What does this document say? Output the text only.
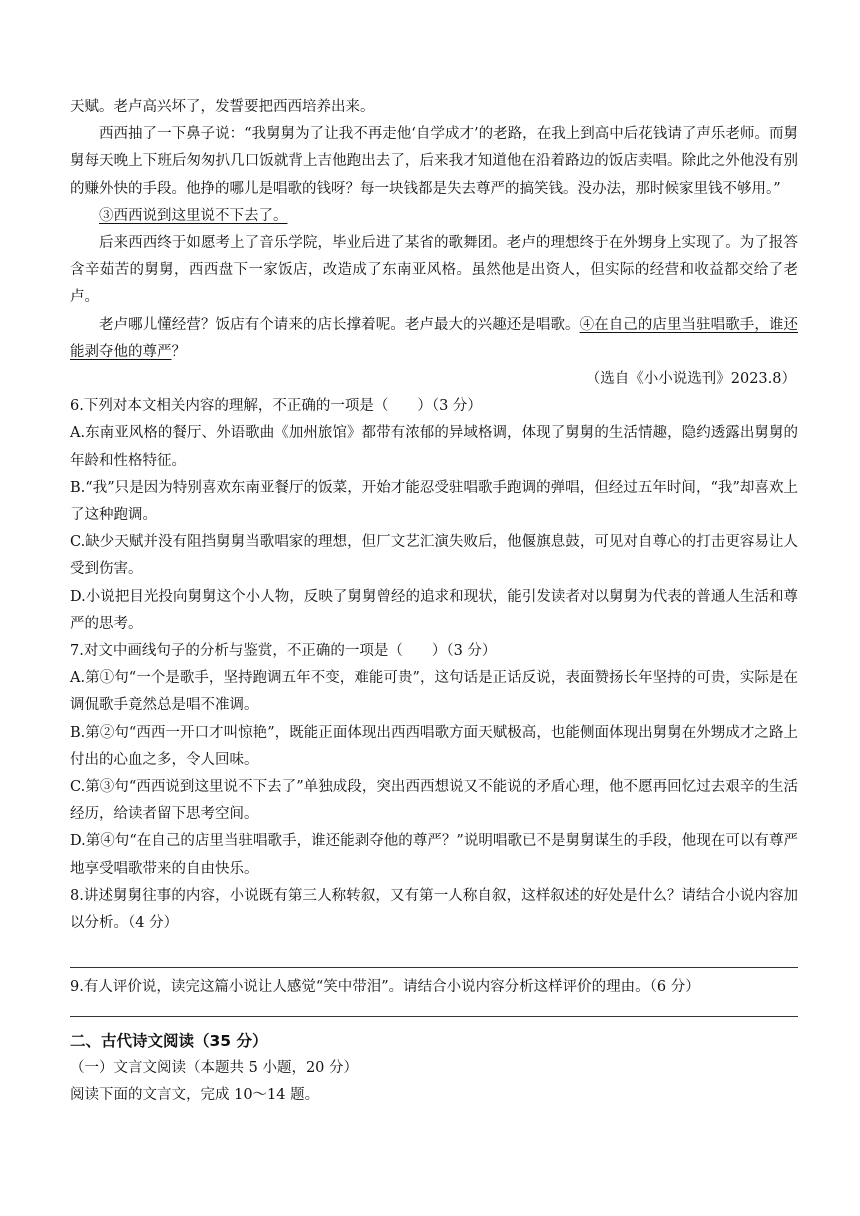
天赋。老卢高兴坏了，发誓要把西西培养出来。

西西抽了一下鼻子说：“我舅舅为了让我不再走他‘自学成才’的老路，在我上到高中后花钱请了声乐老师。而舅舅每天晚上下班后匆匆扒几口饭就背上吉他跑出去了，后来我才知道他在沿着路边的饭店卖唱。除此之外他没有别的赚外快的手段。他挣的哪儿是唱歌的钱呀？每一块钱都是失去尊严的搞笑钱。没办法，那时候家里钱不够用。”

③西西说到这里说不下去了。

后来西西终于如愿考上了音乐学院，毕业后进了某省的歌舞团。老卢的理想终于在外甥身上实现了。为了报答含辛茹苦的舅舅，西西盘下一家饭店，改造成了东南亚风格。虽然他是出资人，但实际的经营和收益都交给了老卢。

老卢哪儿懂经营？饭店有个请来的店长撑着呢。老卢最大的兴趣还是唱歌。④在自己的店里当驻唱歌手，谁还能剥夺他的尊严？

（选自《小小说选刊》2023.8）

6.下列对本文相关内容的理解，不正确的一项是（　　）（3 分）

A.东南亚风格的餐厅、外语歌曲《加州旅馆》都带有浓郁的异域格调，体现了舅舅的生活情趣，隐约透露出舅舅的年龄和性格特征。

B.“我”只是因为特别喜欢东南亚餐厅的饭菜，开始才能忍受驻唱歌手跑调的弹唱，但经过五年时间，“我”却喜欢上了这种跑调。

C.缺少天赋并没有阻挡舅舅当歌唱家的理想，但厂文艺汇演失败后，他偃旗息鼓，可见对自尊心的打击更容易让人受到伤害。

D.小说把目光投向舅舅这个小人物，反映了舅舅曾经的追求和现状，能引发读者对以舅舅为代表的普通人生活和尊严的思考。

7.对文中画线句子的分析与鉴赏，不正确的一项是（　　）（3 分）

A.第①句“一个是歌手，坚持跑调五年不变，难能可贵”，这句话是正话反说，表面赞扬长年坚持的可贵，实际是在调侃歌手竟然总是唱不准调。

B.第②句“西西一开口才叫惊艳”，既能正面体现出西西唱歌方面天赋极高，也能侧面体现出舅舅在外甥成才之路上付出的心血之多，令人回味。

C.第③句“西西说到这里说不下去了”单独成段，突出西西想说又不能说的矛盾心理，他不愿再回忆过去艰辛的生活经历，给读者留下思考空间。

D.第④句“在自己的店里当驻唱歌手，谁还能剥夺他的尊严？”说明唱歌已不是舅舅谋生的手段，他现在可以有尊严地享受唱歌带来的自由快乐。

8.讲述舅舅往事的内容，小说既有第三人称转叙，又有第一人称自叙，这样叙述的好处是什么？请结合小说内容加以分析。（4 分）

9.有人评价说，读完这篇小说让人感觉“笑中带泪”。请结合小说内容分析这样评价的理由。（6 分）

二、古代诗文阅读（35 分）

（一）文言文阅读（本题共 5 小题，20 分）

阅读下面的文言文，完成 10～14 题。
